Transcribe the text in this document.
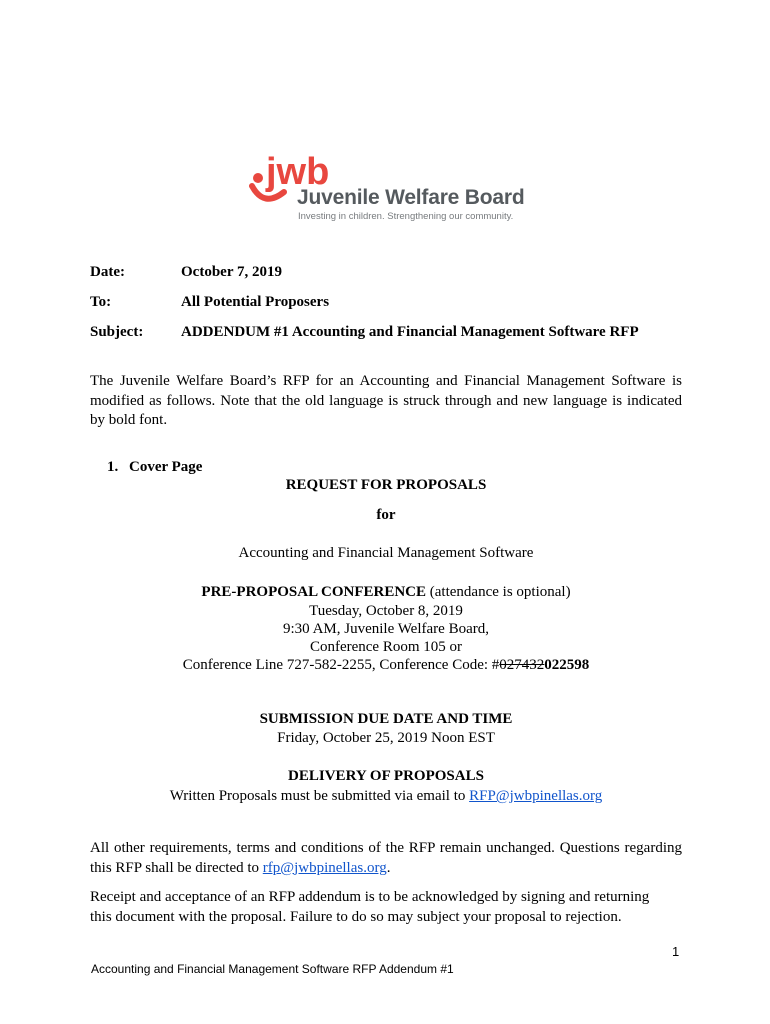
jwb
Juvenile Welfare Board
Investing in children. Strengthening our community.
Date:	October 7, 2019
To:	All Potential Proposers
Subject:	ADDENDUM #1 Accounting and Financial Management Software RFP
The Juvenile Welfare Board’s RFP for an Accounting and Financial Management Software is
modified as follows. Note that the old language is struck through and new language is indicated
by bold font.
1. Cover Page
REQUEST FOR PROPOSALS
for
Accounting and Financial Management Software
PRE-PROPOSAL CONFERENCE (attendance is optional)
Tuesday, October 8, 2019
9:30 AM, Juvenile Welfare Board,
Conference Room 105 or
Conference Line 727-582-2255, Conference Code: #027432022598
SUBMISSION DUE DATE AND TIME
Friday, October 25, 2019 Noon EST
DELIVERY OF PROPOSALS
Written Proposals must be submitted via email to RFP@jwbpinellas.org
All other requirements, terms and conditions of the RFP remain unchanged. Questions regarding
this RFP shall be directed to rfp@jwbpinellas.org.
Receipt and acceptance of an RFP addendum is to be acknowledged by signing and returning
this document with the proposal. Failure to do so may subject your proposal to rejection.
1
Accounting and Financial Management Software RFP Addendum #1
